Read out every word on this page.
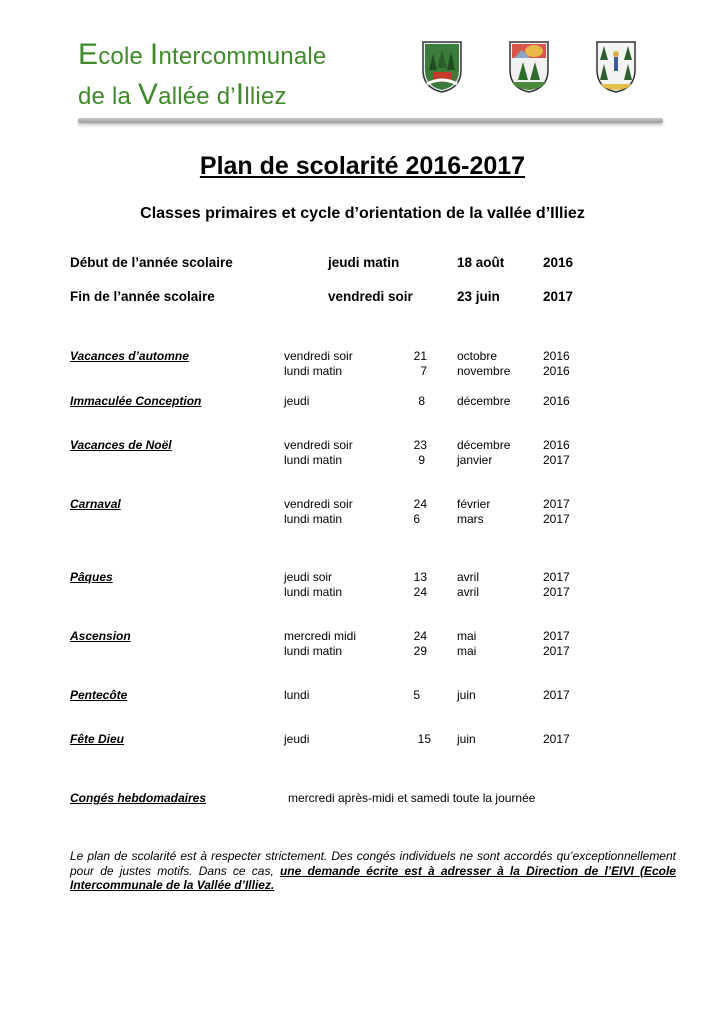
Ecole Intercommunale
de la Vallée d’Illiez
Plan de scolarité 2016-2017
Classes primaires et cycle d’orientation de la vallée d’Illiez
Début de l’année scolaire	jeudi matin	18 août	2016
Fin de l’année scolaire	vendredi soir	23 juin	2017
Vacances d’automne	vendredi soir	21	octobre	2016
lundi matin	7	novembre	2016
Immaculée Conception	jeudi	8	décembre	2016
Vacances de Noël	vendredi soir	23	décembre	2016
lundi matin	9	janvier	2017
Carnaval	vendredi soir	24	février	2017
lundi matin	6	mars	2017
Pâques	jeudi soir	13	avril	2017
lundi matin	24	avril	2017
Ascension	mercredi midi	24	mai	2017
lundi matin	29	mai	2017
Pentecôte	lundi	5	juin	2017
Fête Dieu	jeudi	15 juin	2017
Congés hebdomadaires	mercredi après-midi et samedi toute la journée
Le plan de scolarité est à respecter strictement. Des congés individuels ne sont accordés qu’exceptionnellement pour de justes motifs. Dans ce cas, une demande écrite est à adresser à la Direction de l’EIVI (Ecole Intercommunale de la Vallée d’Illiez.
